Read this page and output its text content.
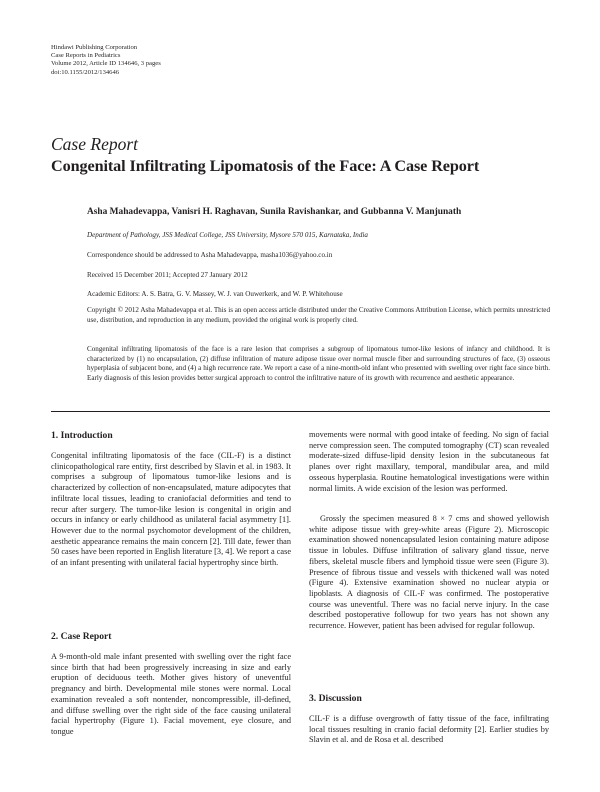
Hindawi Publishing Corporation
Case Reports in Pediatrics
Volume 2012, Article ID 134646, 3 pages
doi:10.1155/2012/134646
Case Report
Congenital Infiltrating Lipomatosis of the Face: A Case Report
Asha Mahadevappa, Vanisri H. Raghavan, Sunila Ravishankar, and Gubbanna V. Manjunath
Department of Pathology, JSS Medical College, JSS University, Mysore 570 015, Karnataka, India
Correspondence should be addressed to Asha Mahadevappa, masha1036@yahoo.co.in
Received 15 December 2011; Accepted 27 January 2012
Academic Editors: A. S. Batra, G. V. Massey, W. J. van Ouwerkerk, and W. P. Whitehouse
Copyright © 2012 Asha Mahadevappa et al. This is an open access article distributed under the Creative Commons Attribution License, which permits unrestricted use, distribution, and reproduction in any medium, provided the original work is properly cited.
Congenital infiltrating lipomatosis of the face is a rare lesion that comprises a subgroup of lipomatous tumor-like lesions of infancy and childhood. It is characterized by (1) no encapsulation, (2) diffuse infiltration of mature adipose tissue over normal muscle fiber and surrounding structures of face, (3) osseous hyperplasia of subjacent bone, and (4) a high recurrence rate. We report a case of a nine-month-old infant who presented with swelling over right face since birth. Early diagnosis of this lesion provides better surgical approach to control the infiltrative nature of its growth with recurrence and aesthetic appearance.
1. Introduction
Congenital infiltrating lipomatosis of the face (CIL-F) is a distinct clinicopathological rare entity, first described by Slavin et al. in 1983. It comprises a subgroup of lipomatous tumor-like lesions and is characterized by collection of non-encapsulated, mature adipocytes that infiltrate local tissues, leading to craniofacial deformities and tend to recur after surgery. The tumor-like lesion is congenital in origin and occurs in infancy or early childhood as unilateral facial asymmetry [1]. However due to the normal psychomotor development of the children, aesthetic appearance remains the main concern [2]. Till date, fewer than 50 cases have been reported in English literature [3, 4]. We report a case of an infant presenting with unilateral facial hypertrophy since birth.
2. Case Report
A 9-month-old male infant presented with swelling over the right face since birth that had been progressively increasing in size and early eruption of deciduous teeth. Mother gives history of uneventful pregnancy and birth. Developmental mile stones were normal. Local examination revealed a soft nontender, noncompressible, ill-defined, and diffuse swelling over the right side of the face causing unilateral facial hypertrophy (Figure 1). Facial movement, eye closure, and tongue
movements were normal with good intake of feeding. No sign of facial nerve compression seen. The computed tomography (CT) scan revealed moderate-sized diffuse-lipid density lesion in the subcutaneous fat planes over right maxillary, temporal, mandibular area, and mild osseous hyperplasia. Routine hematological investigations were within normal limits. A wide excision of the lesion was performed.
Grossly the specimen measured 8 × 7 cms and showed yellowish white adipose tissue with grey-white areas (Figure 2). Microscopic examination showed nonencapsulated lesion containing mature adipose tissue in lobules. Diffuse infiltration of salivary gland tissue, nerve fibers, skeletal muscle fibers and lymphoid tissue were seen (Figure 3). Presence of fibrous tissue and vessels with thickened wall was noted (Figure 4). Extensive examination showed no nuclear atypia or lipoblasts. A diagnosis of CIL-F was confirmed. The postoperative course was uneventful. There was no facial nerve injury. In the case described postoperative followup for two years has not shown any recurrence. However, patient has been advised for regular followup.
3. Discussion
CIL-F is a diffuse overgrowth of fatty tissue of the face, infiltrating local tissues resulting in cranio facial deformity [2]. Earlier studies by Slavin et al. and de Rosa et al. described
